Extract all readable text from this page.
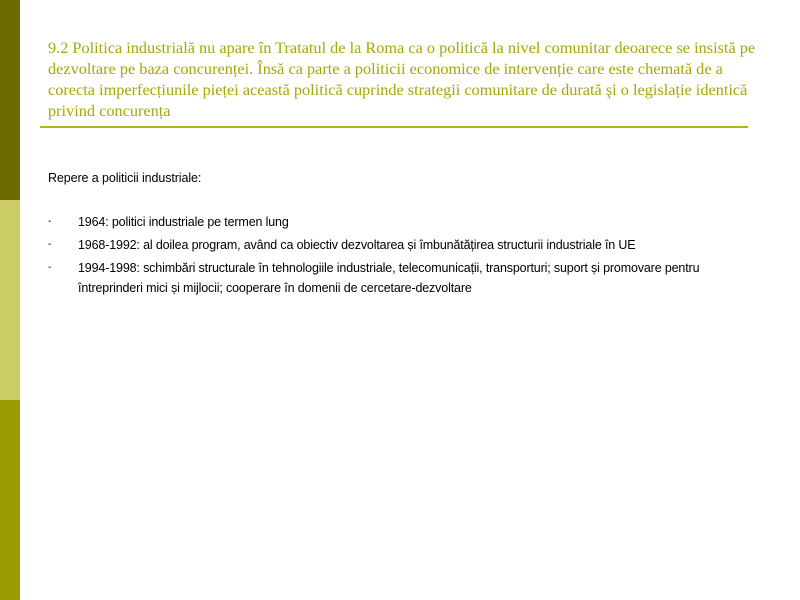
9.2 Politica industrială nu apare în Tratatul de la Roma ca o politică la nivel comunitar deoarece se insistă pe dezvoltare pe baza concurenței. Însă ca parte a politicii economice de intervenție care este chemată de a corecta imperfecțiunile pieței această politică cuprinde strategii comunitare de durată şi o legislație identică privind concurența

Repere a politicii industriale:

- 1964: politici industriale pe termen lung
- 1968-1992: al doilea program, având ca obiectiv dezvoltarea și îmbunătățirea structurii industriale în UE
- 1994-1998: schimbări structurale în tehnologiile industriale, telecomunicații, transporturi; suport și promovare pentru întreprinderi mici și mijlocii; cooperare în domenii de cercetare-dezvoltare
